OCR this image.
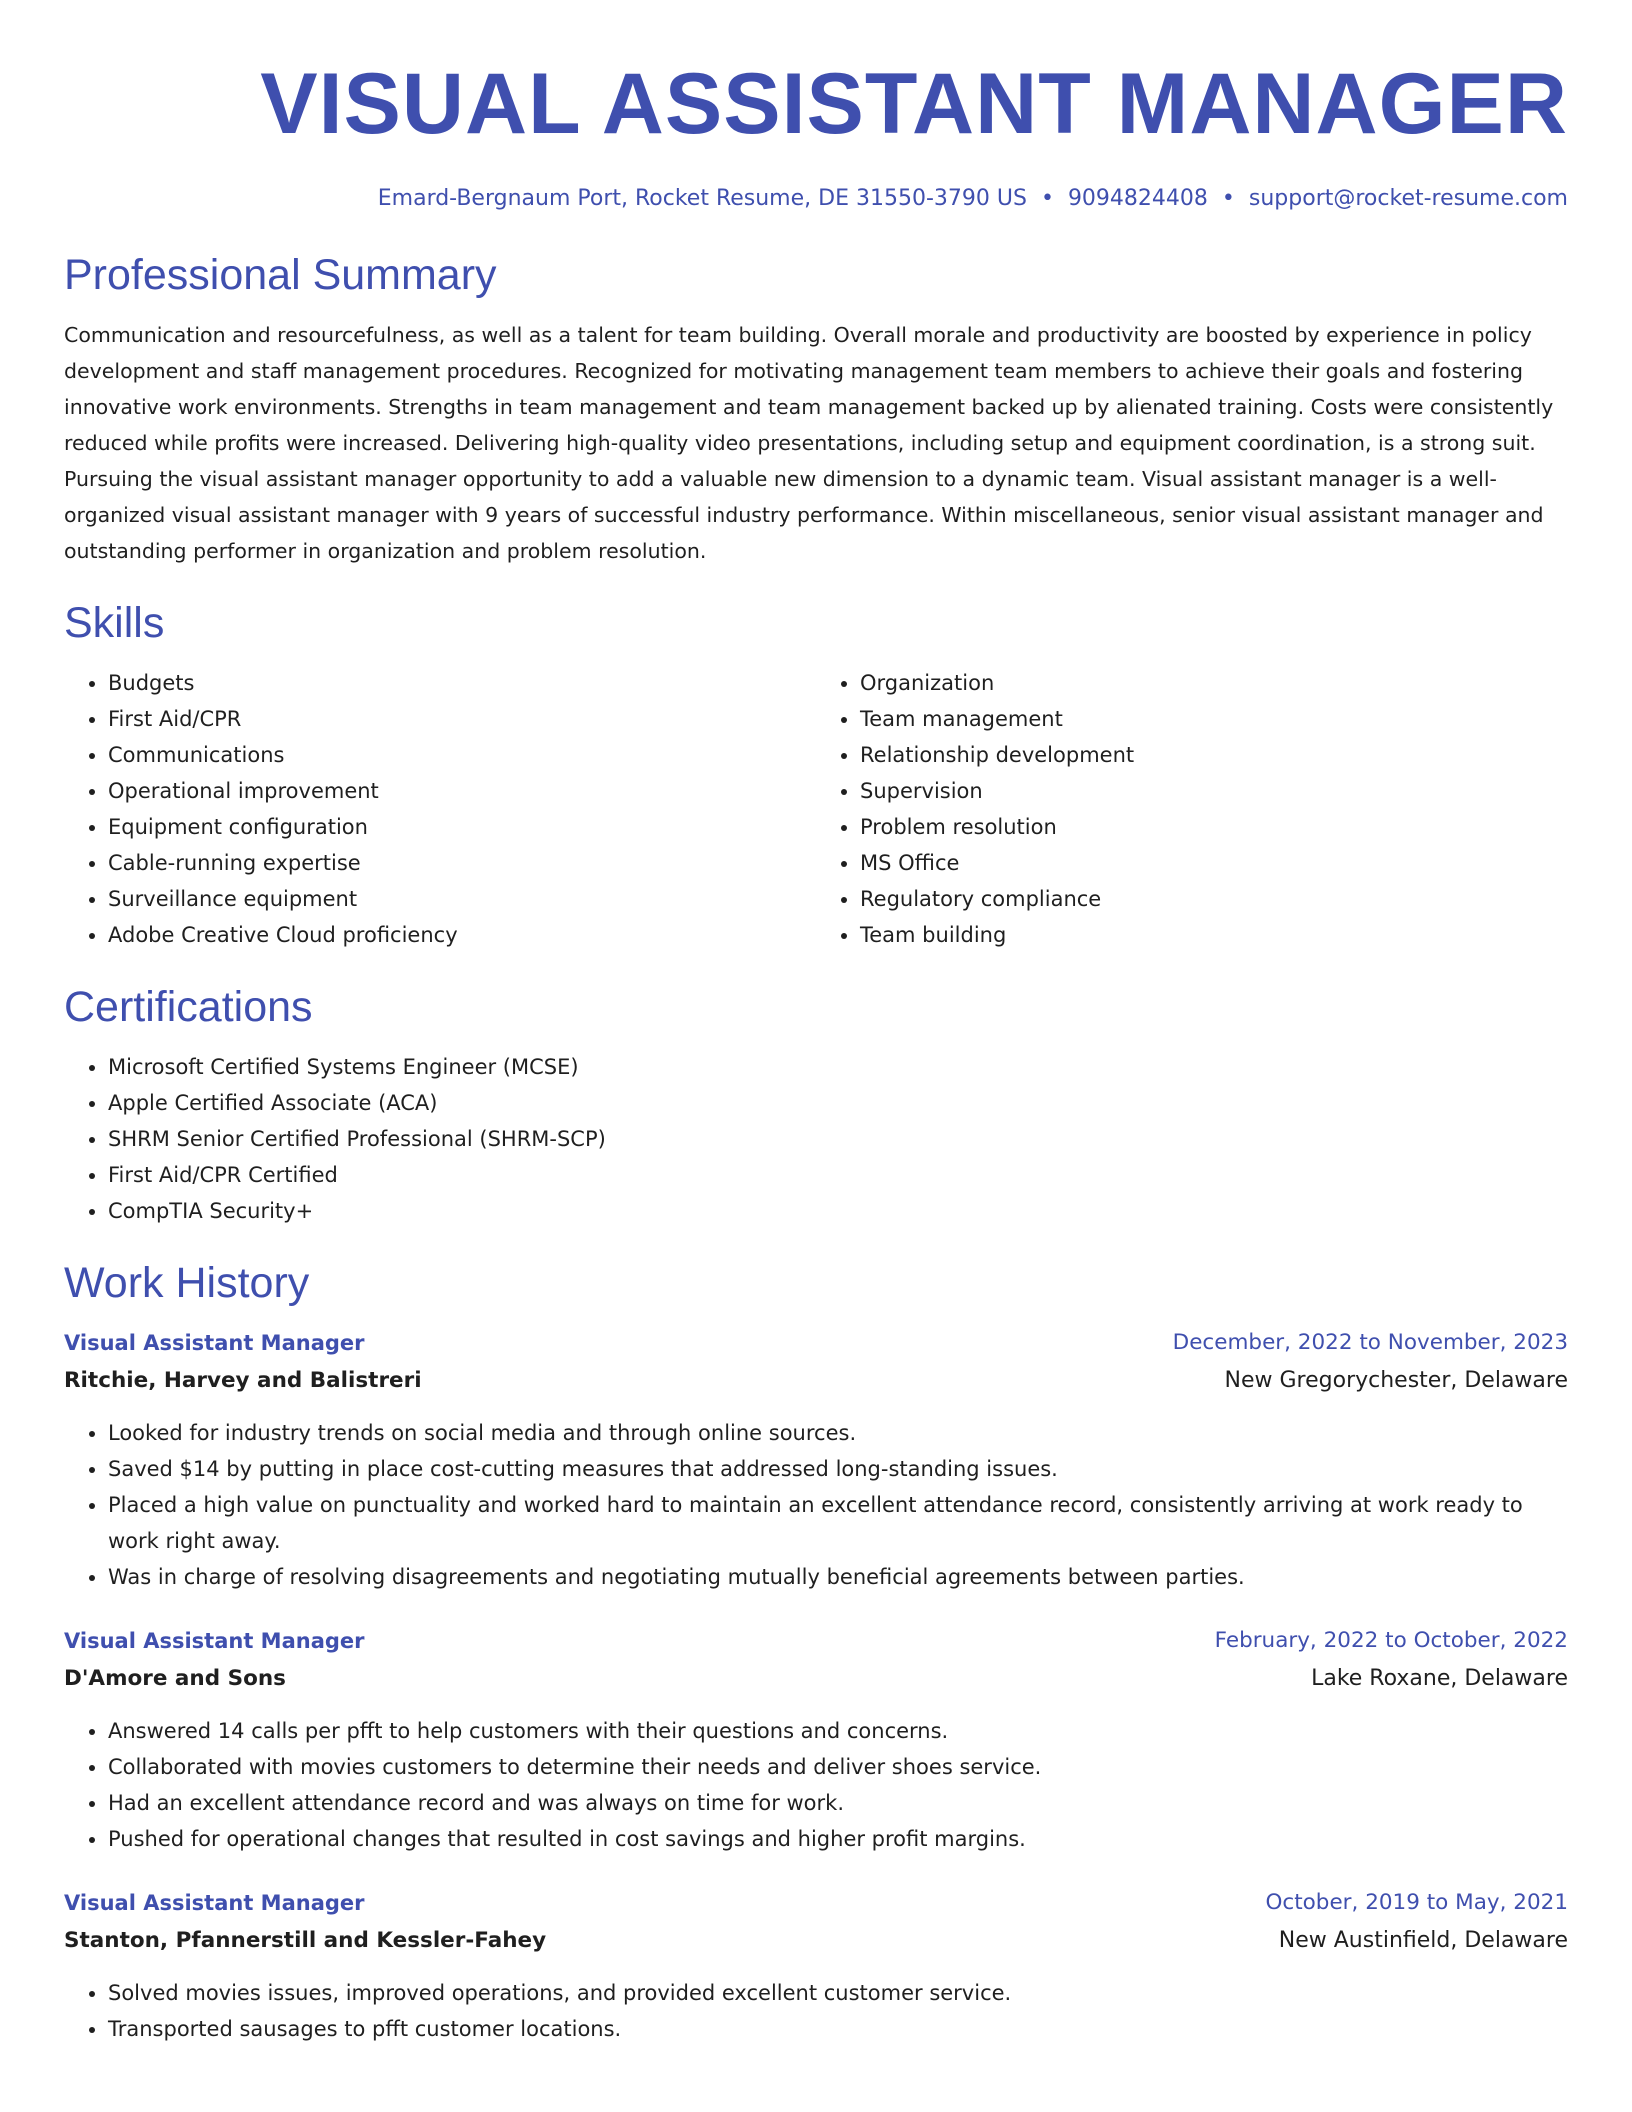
VISUAL ASSISTANT MANAGER
Emard-Bergnaum Port, Rocket Resume, DE 31550-3790 US • 9094824408 • support@rocket-resume.com
Professional Summary

Communication and resourcefulness, as well as a talent for team building. Overall morale and productivity are boosted by experience in policy development and staff management procedures. Recognized for motivating management team members to achieve their goals and fostering innovative work environments. Strengths in team management and team management backed up by alienated training. Costs were consistently reduced while profits were increased. Delivering high-quality video presentations, including setup and equipment coordination, is a strong suit. Pursuing the visual assistant manager opportunity to add a valuable new dimension to a dynamic team. Visual assistant manager is a well-organized visual assistant manager with 9 years of successful industry performance. Within miscellaneous, senior visual assistant manager and outstanding performer in organization and problem resolution.

Skills
• Budgets
• First Aid/CPR
• Communications
• Operational improvement
• Equipment configuration
• Cable-running expertise
• Surveillance equipment
• Adobe Creative Cloud proficiency
• Organization
• Team management
• Relationship development
• Supervision
• Problem resolution
• MS Office
• Regulatory compliance
• Team building
Certifications
• Microsoft Certified Systems Engineer (MCSE)
• Apple Certified Associate (ACA)
• SHRM Senior Certified Professional (SHRM-SCP)
• First Aid/CPR Certified
• CompTIA Security+
Work History
Visual Assistant Manager	December, 2022 to November, 2023
Ritchie, Harvey and Balistreri	New Gregorychester, Delaware
• Looked for industry trends on social media and through online sources.
• Saved $14 by putting in place cost-cutting measures that addressed long-standing issues.
• Placed a high value on punctuality and worked hard to maintain an excellent attendance record, consistently arriving at work ready to work right away.
• Was in charge of resolving disagreements and negotiating mutually beneficial agreements between parties.
Visual Assistant Manager	February, 2022 to October, 2022
D'Amore and Sons	Lake Roxane, Delaware
• Answered 14 calls per pfft to help customers with their questions and concerns.
• Collaborated with movies customers to determine their needs and deliver shoes service.
• Had an excellent attendance record and was always on time for work.
• Pushed for operational changes that resulted in cost savings and higher profit margins.
Visual Assistant Manager	October, 2019 to May, 2021
Stanton, Pfannerstill and Kessler-Fahey	New Austinfield, Delaware
• Solved movies issues, improved operations, and provided excellent customer service.
• Transported sausages to pfft customer locations.
